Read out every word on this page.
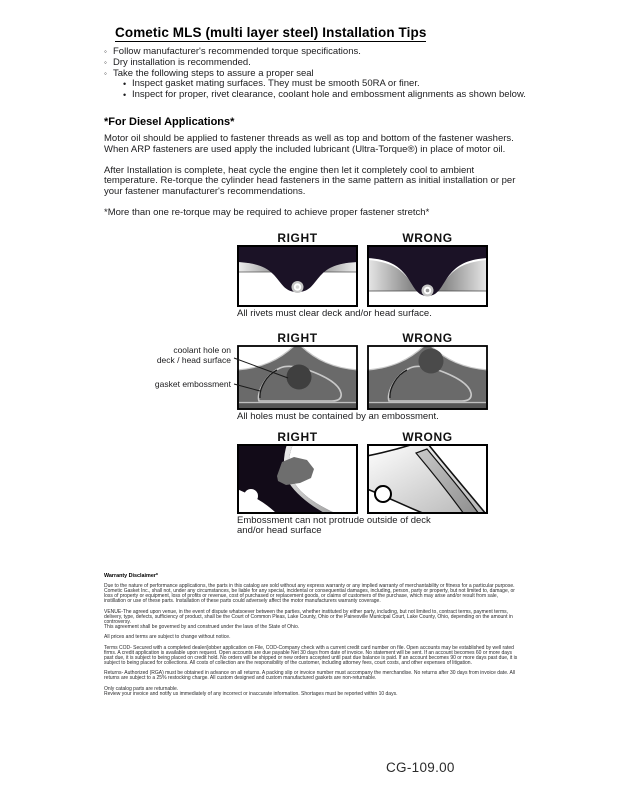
Cometic MLS (multi layer steel) Installation Tips
◦ Follow manufacturer's recommended torque specifications.
◦ Dry installation is recommended.
◦ Take the following steps to assure a proper seal
• Inspect gasket mating surfaces. They must be smooth 50RA or finer.
• Inspect for proper, rivet clearance, coolant hole and embossment alignments as shown below.
*For Diesel Applications*
Motor oil should be applied to fastener threads as well as top and bottom of the fastener washers. When ARP fasteners are used apply the included lubricant (Ultra-Torque®) in place of motor oil.
After Installation is complete, heat cycle the engine then let it completely cool to ambient temperature. Re-torque the cylinder head fasteners in the same pattern as initial installation or per your fastener manufacturer's recommendations.
*More than one re-torque may be required to achieve proper fastener stretch*
RIGHT	WRONG
All rivets must clear deck and/or head surface.
RIGHT	WRONG
All holes must be contained by an embossment.
RIGHT	WRONG
Embossment can not protrude outside of deck and/or head surface
coolant hole on
deck / head surface
gasket embossment
Warranty Disclaimer*

Due to the nature of performance applications, the parts in this catalog are sold without any express warranty or any implied warranty of merchantability or fitness for a particular purpose. Cometic Gasket Inc., shall not, under any circumstances, be liable for any special, incidental or consequential damages, including, person, party or property, but not limited to, damage, or loss of property or equipment, loss of profits or revenue, cost of purchased or replacement goods, or claims of customers of the purchase, which may arise and/or result from sale, instillation or use of these parts. Installation of these parts could adversely affect the motor manufacturers warranty coverage.

VENUE-The agreed upon venue, in the event of dispute whatsoever between the parties, whether instituted by either party, including, but not limited to, contract terms, payment terms, delivery, type, defects, sufficiency of product, shall be the Court of Common Pleas, Lake County, Ohio or the Painesville Municipal Court, Lake County, Ohio, depending on the amount in controversy.
This agreement shall be governed by and construed under the laws of the State of Ohio.

All prices and terms are subject to change without notice.

Terms COD- Secured with a completed dealer/jobber application on File, COD-Company check with a current credit card number on file. Open accounts may be established by well rated firms. A credit application is available upon request. Open accounts are due payable Net 30 days from date of invoice. No statement will be sent. If an account becomes 60 or more days past due, it is subject to being placed on credit hold. No orders will be shipped or new orders accepted until past due balance is paid. If an account becomes 90 or more days past due, it is subject to being placed for collections. All costs of collection are the responsibility of the customer, including attorney fees, court costs, and other expenses of litigation.

Returns- Authorized (RGA) must be obtained in advance on all returns. A packing slip or invoice number must accompany the merchandise. No returns after 30 days from invoice date. All returns are subject to a 25% restocking charge. All custom designed and custom manufactured gaskets are non-returnable.

Only catalog parts are returnable.
Review your invoice and notify us immediately of any incorrect or inaccurate information. Shortages must be reported within 10 days.

CG-109.00
